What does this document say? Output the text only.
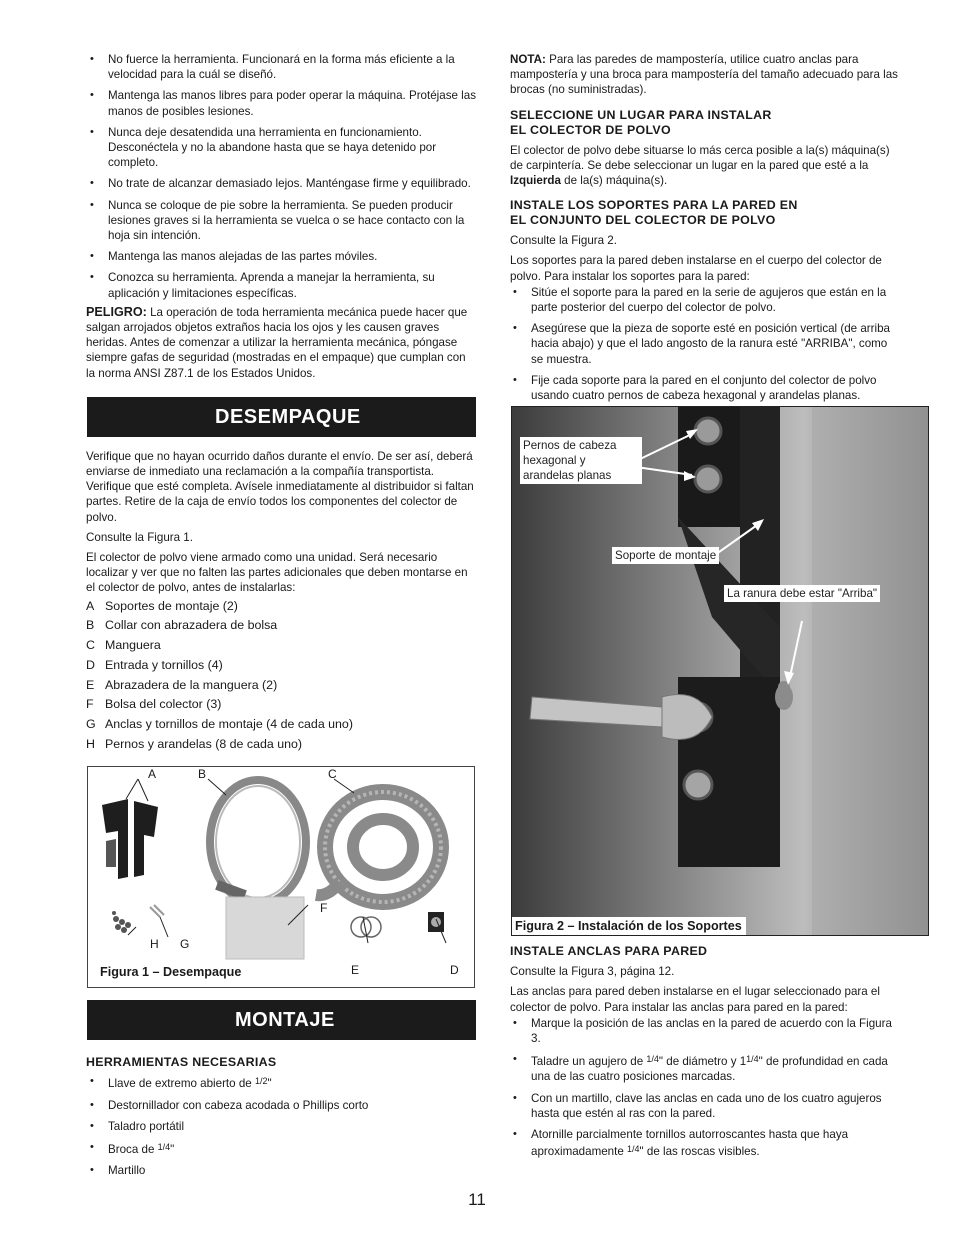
• No fuerce la herramienta. Funcionará en la forma más eficiente a la velocidad para la cuál se diseñó.
• Mantenga las manos libres para poder operar la máquina. Protéjase las manos de posibles lesiones.
• Nunca deje desatendida una herramienta en funcionamiento. Desconéctela y no la abandone hasta que se haya detenido por completo.
• No trate de alcanzar demasiado lejos. Manténgase firme y equilibrado.
• Nunca se coloque de pie sobre la herramienta. Se pueden producir lesiones graves si la herramienta se vuelca o se hace contacto con la hoja sin intención.
• Mantenga las manos alejadas de las partes móviles.
• Conozca su herramienta. Aprenda a manejar la herramienta, su aplicación y limitaciones específicas.

PELIGRO: La operación de toda herramienta mecánica puede hacer que salgan arrojados objetos extraños hacia los ojos y les causen graves heridas. Antes de comenzar a utilizar la herramienta mecánica, póngase siempre gafas de seguridad (mostradas en el empaque) que cumplan con la norma ANSI Z87.1 de los Estados Unidos.

DESEMPAQUE

Verifique que no hayan ocurrido daños durante el envío. De ser así, deberá enviarse de inmediato una reclamación a la compañía transportista. Verifique que esté completa. Avísele inmediatamente al distribuidor si faltan partes. Retire de la caja de envío todos los componentes del colector de polvo.

Consulte la Figura 1.

El colector de polvo viene armado como una unidad. Será necesario localizar y ver que no falten las partes adicionales que deben montarse en el colector de polvo, antes de instalarlas:

A Soportes de montaje (2)
B Collar con abrazadera de bolsa
C Manguera
D Entrada y tornillos (4)
E Abrazadera de la manguera (2)
F Bolsa del colector (3)
G Anclas y tornillos de montaje (4 de cada uno)
H Pernos y arandelas (8 de cada uno)
A	B	C
F
H G
E	D
Figura 1 – Desempaque
MONTAJE
HERRAMIENTAS NECESARIAS
• Llave de extremo abierto de $^{1/2}$"
• Destornillador con cabeza acodada o Phillips corto
• Taladro portátil
• Broca de $^{1/4}$"
• Martillo

NOTA: Para las paredes de mampostería, utilice cuatro anclas para mampostería y una broca para mampostería del tamaño adecuado para las brocas (no suministradas).

SELECCIONE UN LUGAR PARA INSTALAR
EL COLECTOR DE POLVO

El colector de polvo debe situarse lo más cerca posible a la(s) máquina(s) de carpintería. Se debe seleccionar un lugar en la pared que esté a la Izquierda de la(s) máquina(s).

INSTALE LOS SOPORTES PARA LA PARED EN
EL CONJUNTO DEL COLECTOR DE POLVO

Consulte la Figura 2.

Los soportes para la pared deben instalarse en el cuerpo del colector de polvo. Para instalar los soportes para la pared:

• Sitúe el soporte para la pared en la serie de agujeros que están en la parte posterior del cuerpo del colector de polvo.
• Asegúrese que la pieza de soporte esté en posición vertical (de arriba hacia abajo) y que el lado angosto de la ranura esté "ARRIBA", como se muestra.
• Fije cada soporte para la pared en el conjunto del colector de polvo usando cuatro pernos de cabeza hexagonal y arandelas planas.
Pernos de cabeza hexagonal y arandelas planas
Soporte de montaje
La ranura debe estar "Arriba"
Figura 2 – Instalación de los Soportes
INSTALE ANCLAS PARA PARED

Consulte la Figura 3, página 12.

Las anclas para pared deben instalarse en el lugar seleccionado para el colector de polvo. Para instalar las anclas para pared en la pared:

• Marque la posición de las anclas en la pared de acuerdo con la Figura 3.
• Taladre un agujero de $^{1/4}$" de diámetro y $1^{1/4}$" de profundidad en cada una de las cuatro posiciones marcadas.
• Con un martillo, clave las anclas en cada uno de los cuatro agujeros hasta que estén al ras con la pared.
• Atornille parcialmente tornillos autorroscantes hasta que haya aproximadamente $^{1/4}$" de las roscas visibles.
11
